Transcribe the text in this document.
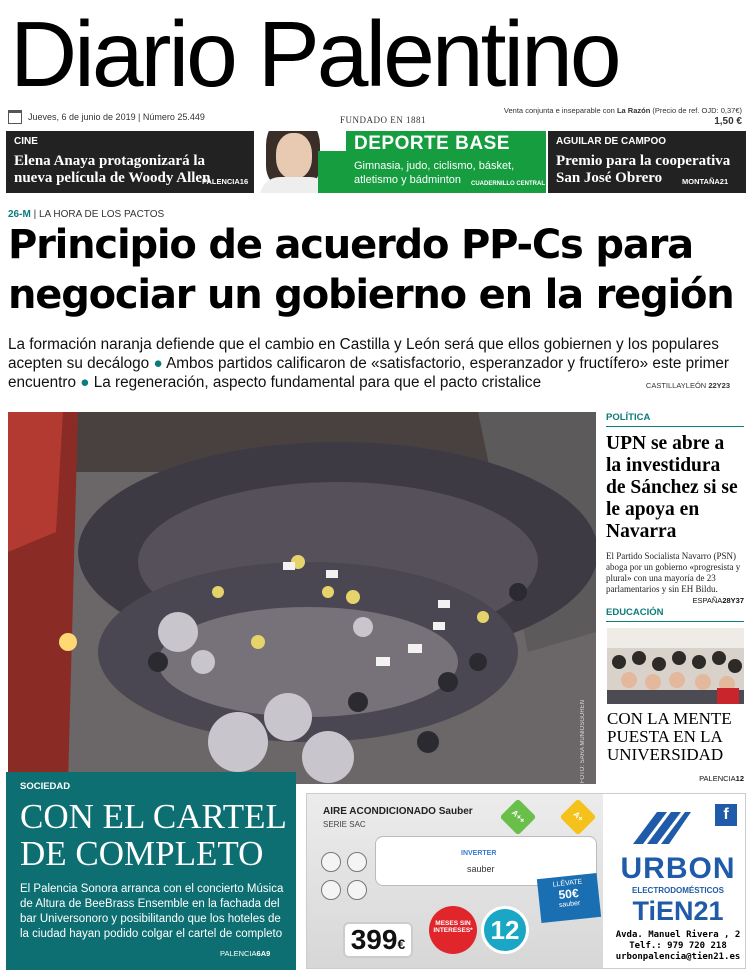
Diario Palentino
Jueves, 6 de junio de 2019 | Número 25.449	FUNDADO EN 1881
Venta conjunta e inseparable con La Razón (Precio de ref. OJD: 0,37€)
1,50 €
CINE
Elena Anaya protagonizará la nueva película de Woody Allen
PALENCIA16
DEPORTE BASE
Gimnasia, judo, ciclismo, básket,
atletismo y bádminton	CUADERNILLO CENTRAL
AGUILAR DE CAMPOO
Premio para la cooperativa San José Obrero	MONTAÑA21
26-M | LA HORA DE LOS PACTOS
Principio de acuerdo PP-Cs para negociar un gobierno en la región

La formación naranja defiende que el cambio en Castilla y León será que ellos gobiernen y los populares acepten su decálogo ● Ambos partidos calificaron de «satisfactorio, esperanzador y fructífero» este primer encuentro ● La regeneración, aspecto fundamental para que el pacto cristalice	CASTILLAYLEÓN 22Y23
FOTO: SARA MUNIOSGUREN
POLÍTICA
UPN se abre a la investidura de Sánchez si se le apoya en Navarra
El Partido Socialista Navarro (PSN) aboga por un gobierno «progresista y plural» con una mayoría de 23 parlamentarios y sin EH Bildu.
ESPAÑA28Y37
EDUCACIÓN
CON LA MENTE PUESTA EN LA UNIVERSIDAD
PALENCIA12
SOCIEDAD
CON EL CARTEL DE COMPLETO
El Palencia Sonora arranca con el concierto Música de Altura de BeeBrass Ensemble en la fachada del bar Universonoro y posibilitando que los hoteles de la ciudad hayan podido colgar el cartel de completo
PALENCIA6A9
AIRE ACONDICIONADO Sauber
SERIE SAC
INVERTER
sauber
A++	A+
399€
MESES SIN INTERESES* 12
LLÉVATE
50€
sauber
f
URBON
ELECTRODOMÉSTICOS
TiEN21
Avda. Manuel Rivera , 2
Telf.: 979 720 218
urbonpalencia@tien21.es
